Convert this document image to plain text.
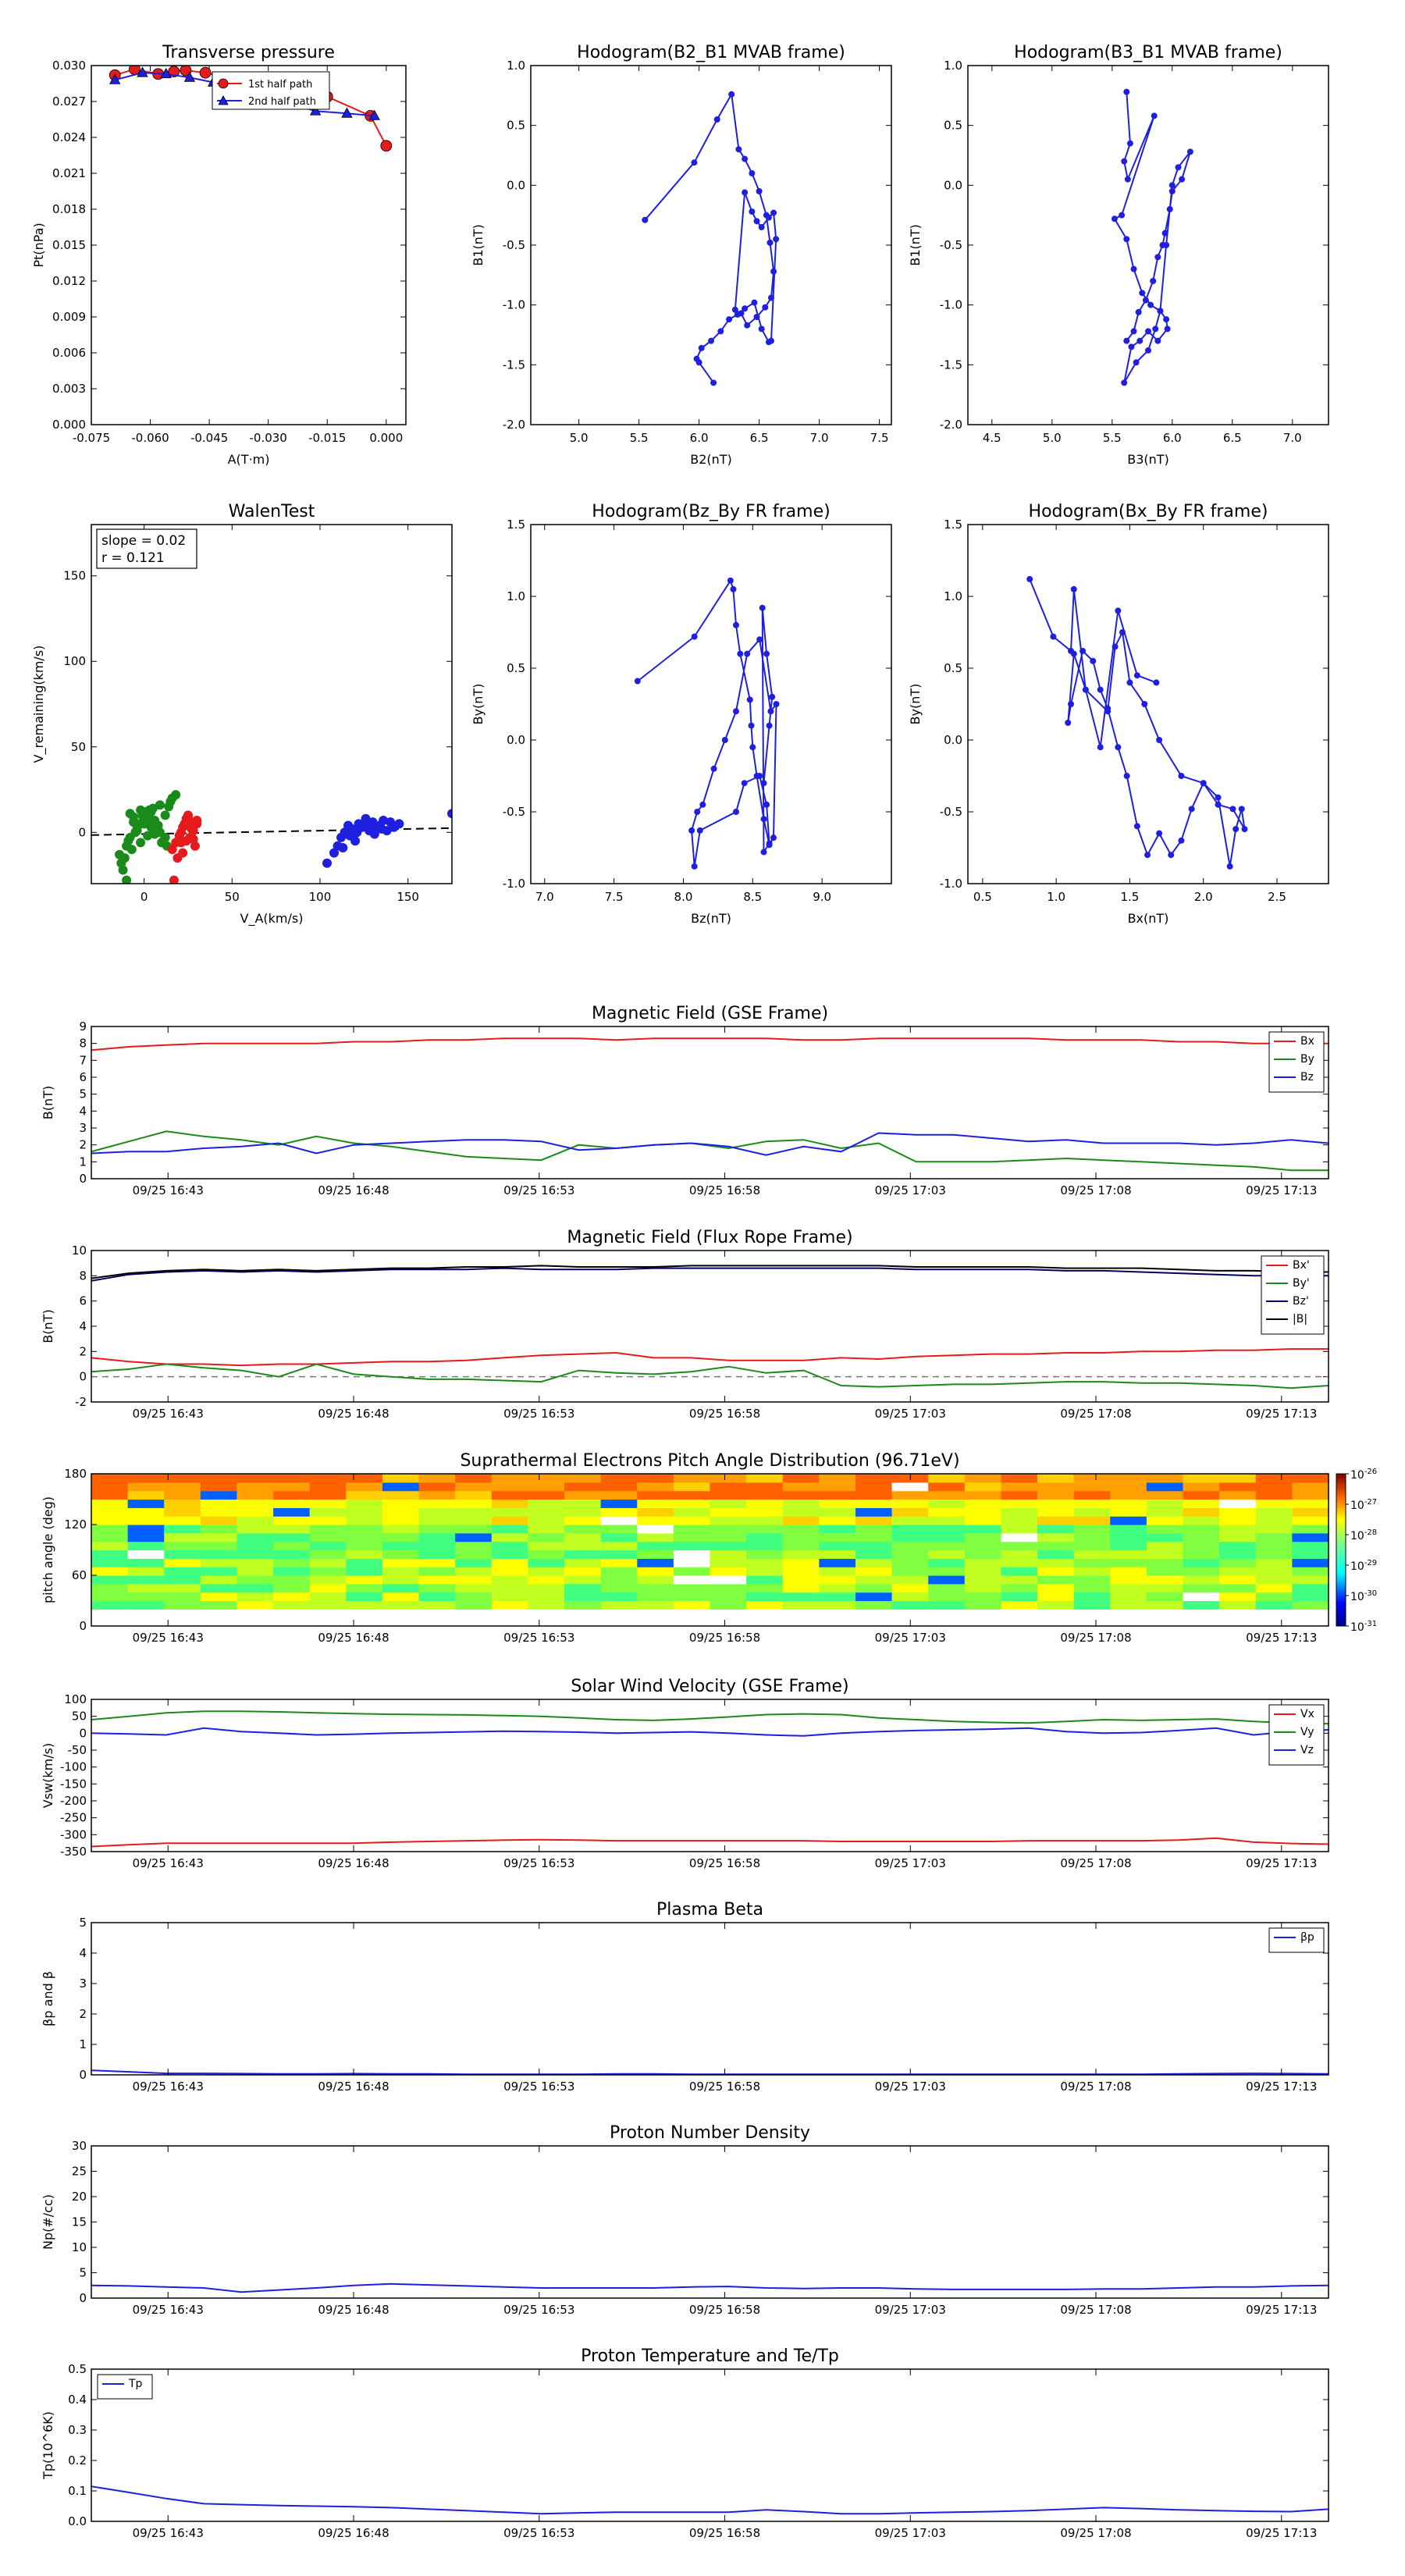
-0.075 -0.060 -0.045 -0.030 -0.015 0.000
0.000
0.003
0.006
0.009
0.012
0.015
0.018
0.021
0.024
0.027
0.030
Transverse pressure
A(T·m)
Pt(nPa)
1st half path
2nd half path
5.0	5.5	6.0	6.5	7.0	7.5
-2.0
-1.5
-1.0
-0.5
0.0
0.5
1.0
Hodogram(B2_B1 MVAB frame)
B2(nT)
B1(nT)
4.5	5.0	5.5	6.0	6.5	7.0
-2.0
-1.5
-1.0
-0.5
0.0
0.5
1.0
Hodogram(B3_B1 MVAB frame)
B3(nT)
B1(nT)
0	50	100	150
0
50
100
150
WalenTest
V_A(km/s)
V_remaining(km/s)
slope = 0.02
r = 0.121
7.0	7.5	8.0	8.5	9.0
-1.0
-0.5
0.0
0.5
1.0
1.5
Hodogram(Bz_By FR frame)
Bz(nT)
By(nT)
0.5	1.0	1.5	2.0	2.5
-1.0
-0.5
0.0
0.5
1.0
1.5
Hodogram(Bx_By FR frame)
Bx(nT)
By(nT)
Magnetic Field (GSE Frame)
B(nT)
0
1
2
3
4
5
6
7
8
9
09/25 16:43	09/25 16:48	09/25 16:53	09/25 16:58	09/25 17:03	09/25 17:08	09/25 17:13
Bx
By
Bz
Magnetic Field (Flux Rope Frame)
B(nT)
-2
0
2
4
6
8
10
09/25 16:43	09/25 16:48	09/25 16:53	09/25 16:58	09/25 17:03	09/25 17:08	09/25 17:13
Bx'
By'
Bz'
|B|
Suprathermal Electrons Pitch Angle Distribution (96.71eV)
pitch angle (deg)
0
60
120
180
09/25 16:43	09/25 16:48	09/25 16:53	09/25 16:58	09/25 17:03	09/25 17:08	09/25 17:13
$10^{-26}$
$10^{-27}$
$10^{-28}$
$10^{-29}$
$10^{-30}$
$10^{-31}$
Solar Wind Velocity (GSE Frame)
Vsw(km/s)
-350
-300
-250
-200
-150
-100
-50
0
50
100
09/25 16:43	09/25 16:48	09/25 16:53	09/25 16:58	09/25 17:03	09/25 17:08	09/25 17:13
Vx
Vy
Vz
Plasma Beta
βp and β
0
1
2
3
4
5
09/25 16:43	09/25 16:48	09/25 16:53	09/25 16:58	09/25 17:03	09/25 17:08	09/25 17:13
βp
Proton Number Density
Np(#/cc)
0
5
10
15
20
25
30
09/25 16:43	09/25 16:48	09/25 16:53	09/25 16:58	09/25 17:03	09/25 17:08	09/25 17:13
Proton Temperature and Te/Tp
Tp(10^6K)
0.0
0.1
0.2
0.3
0.4
0.5
09/25 16:43	09/25 16:48	09/25 16:53	09/25 16:58	09/25 17:03	09/25 17:08	09/25 17:13
Tp
